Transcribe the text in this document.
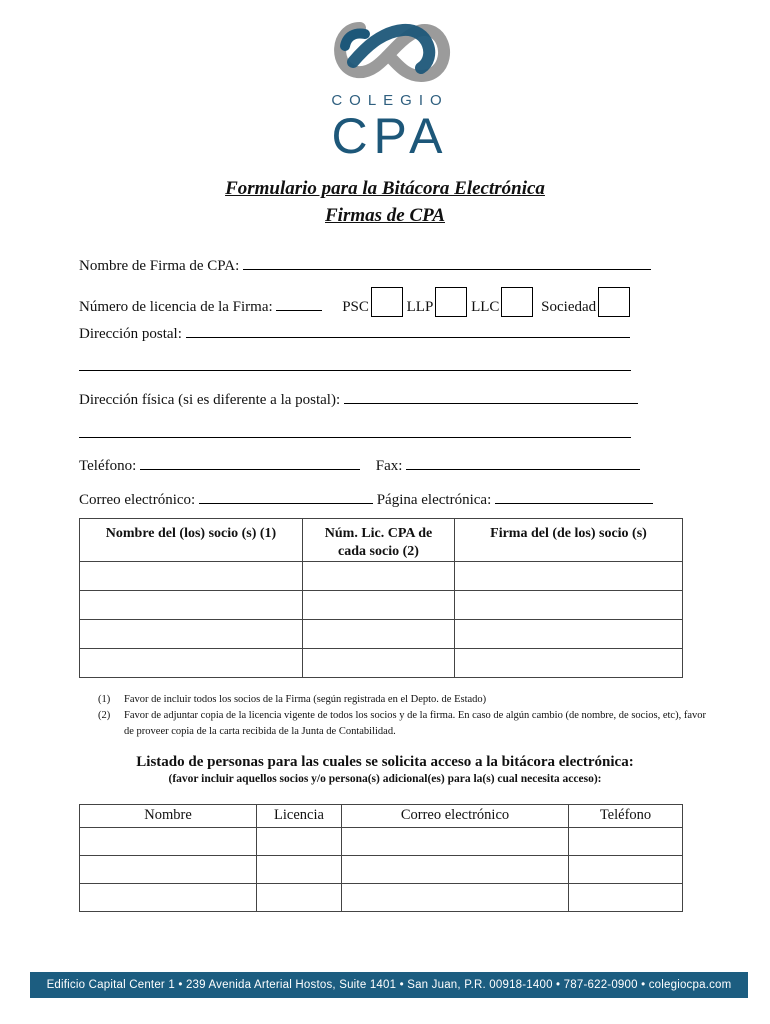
COLEGIO
CPA
Formulario para la Bitácora Electrónica
Firmas de CPA
Nombre de Firma de CPA:
Número de licencia de la Firma:	PSC	LLP	LLC	Sociedad
Dirección postal:
Dirección física (si es diferente a la postal):
Teléfono:	Fax:
Correo electrónico:	Página electrónica:
Nombre del (los) socio (s) (1)	Núm. Lic. CPA de cada socio (2)	Firma del (de los) socio (s)

(1) Favor de incluir todos los socios de la Firma (según registrada en el Depto. de Estado)
(2) Favor de adjuntar copia de la licencia vigente de todos los socios y de la firma. En caso de algún cambio (de nombre, de socios, etc), favor de proveer copia de la carta recibida de la Junta de Contabilidad.
Listado de personas para las cuales se solicita acceso a la bitácora electrónica:
(favor incluir aquellos socios y/o persona(s) adicional(es) para la(s) cual necesita acceso):
Nombre	Licencia	Correo electrónico	Teléfono

Edificio Capital Center 1 • 239 Avenida Arterial Hostos, Suite 1401 • San Juan, P.R. 00918-1400 • 787-622-0900 • colegiocpa.com
